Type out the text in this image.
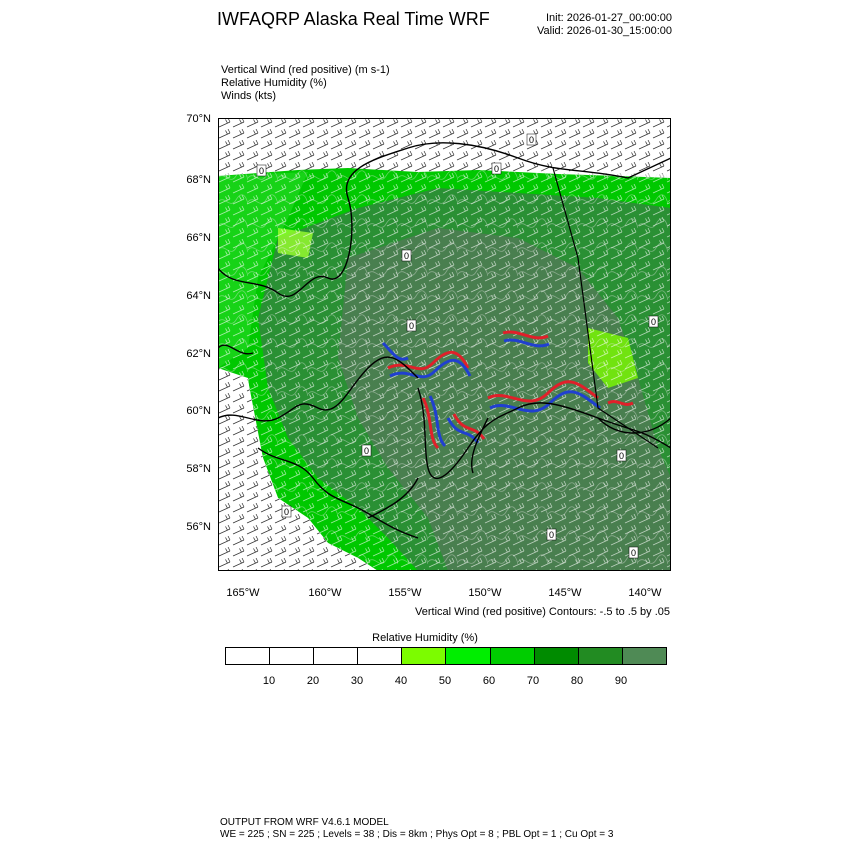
IWFAQRP Alaska Real Time WRF	Init: 2026-01-27_00:00:00
Valid: 2026-01-30_15:00:00
Vertical Wind (red positive) (m s-1)
Relative Humidity (%)
Winds (kts)
70°N
68°N
66°N
64°N
62°N
60°N
58°N
56°N
0
0
0
0
0
0
0
0
0
0
0
165°W	160°W	155°W	150°W	145°W	140°W
Vertical Wind (red positive) Contours: -.5 to .5 by .05
Relative Humidity (%)
10	20	30	40	50	60	70	80	90
OUTPUT FROM WRF V4.6.1 MODEL
WE = 225 ; SN = 225 ; Levels = 38 ; Dis = 8km ; Phys Opt = 8 ; PBL Opt = 1 ; Cu Opt = 3
